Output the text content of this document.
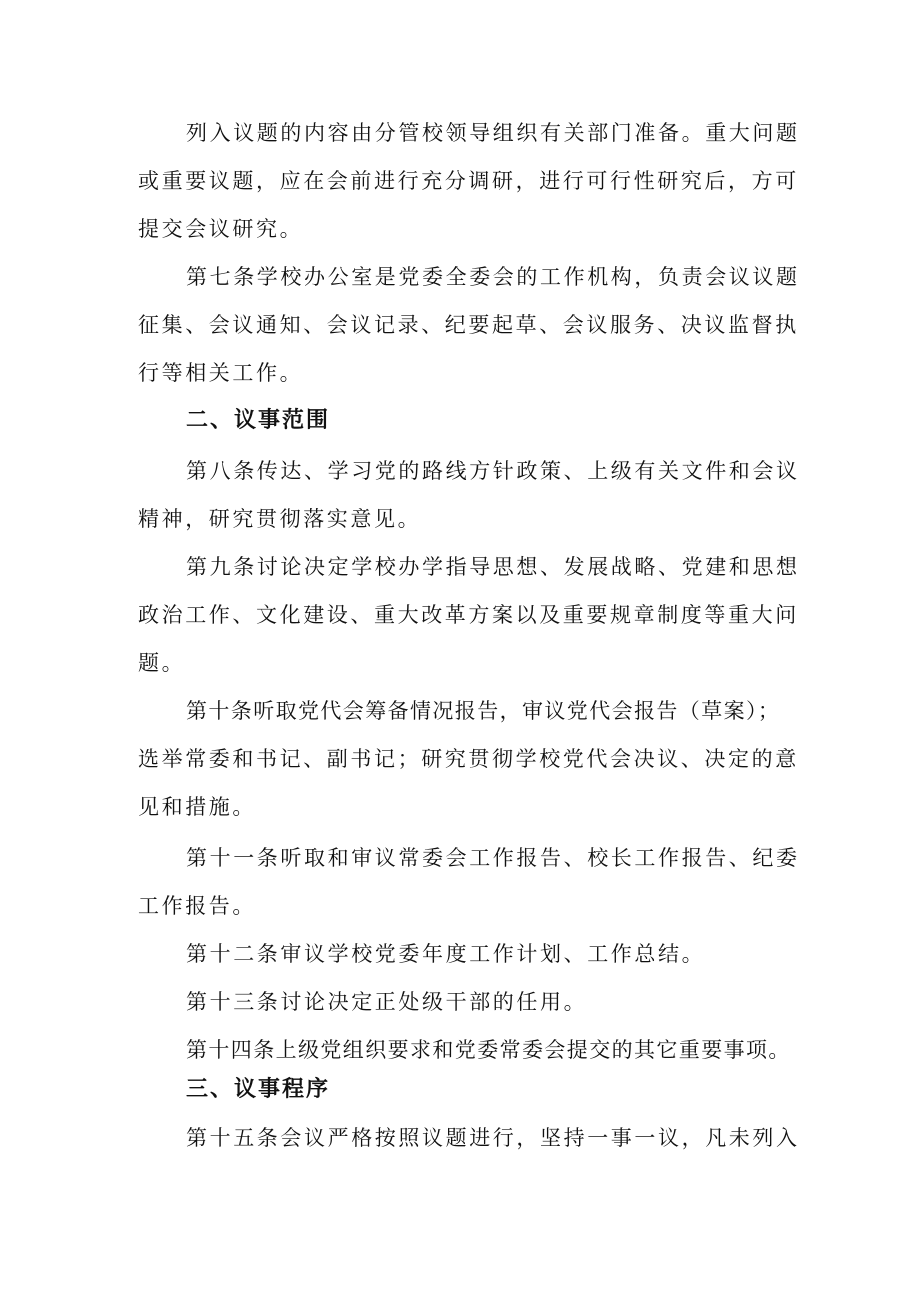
列入议题的内容由分管校领导组织有关部门准备。重大问题

或重要议题，应在会前进行充分调研，进行可行性研究后，方可

提交会议研究。

第七条学校办公室是党委全委会的工作机构，负责会议议题

征集、会议通知、会议记录、纪要起草、会议服务、决议监督执

行等相关工作。

二、议事范围

第八条传达、学习党的路线方针政策、上级有关文件和会议

精神，研究贯彻落实意见。

第九条讨论决定学校办学指导思想、发展战略、党建和思想

政治工作、文化建设、重大改革方案以及重要规章制度等重大问

题。

第十条听取党代会筹备情况报告，审议党代会报告（草案）；

选举常委和书记、副书记；研究贯彻学校党代会决议、决定的意

见和措施。

第十一条听取和审议常委会工作报告、校长工作报告、纪委

工作报告。

第十二条审议学校党委年度工作计划、工作总结。

第十三条讨论决定正处级干部的任用。

第十四条上级党组织要求和党委常委会提交的其它重要事项。

三、议事程序

第十五条会议严格按照议题进行，坚持一事一议，凡未列入
